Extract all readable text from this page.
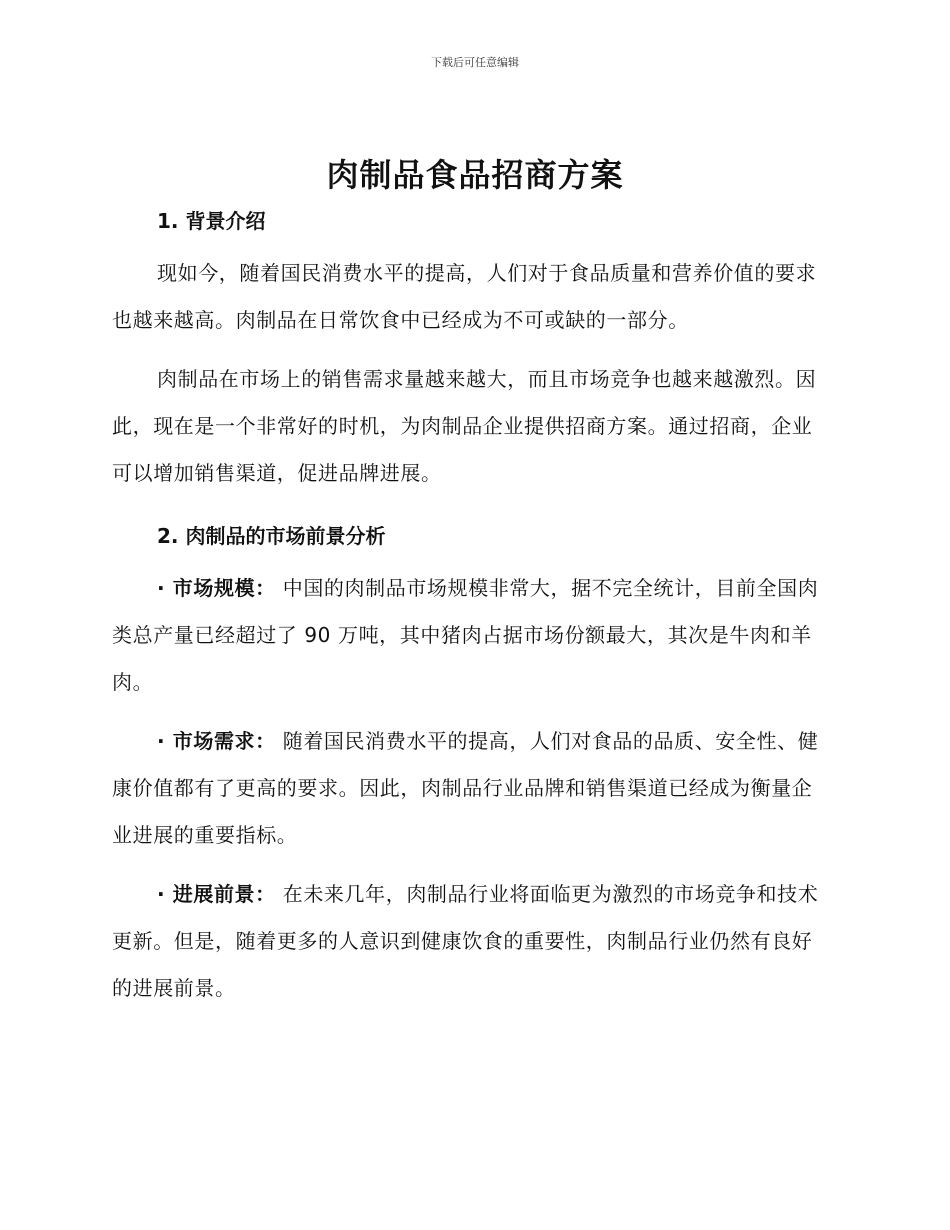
下载后可任意编辑
肉制品食品招商方案
1. 背景介绍

现如今，随着国民消费水平的提高，人们对于食品质量和营养价值的要求也越来越高。肉制品在日常饮食中已经成为不可或缺的一部分。

肉制品在市场上的销售需求量越来越大，而且市场竞争也越来越激烈。因此，现在是一个非常好的时机，为肉制品企业提供招商方案。通过招商，企业可以增加销售渠道，促进品牌进展。

2. 肉制品的市场前景分析

· 市场规模： 中国的肉制品市场规模非常大，据不完全统计，目前全国肉类总产量已经超过了 90 万吨，其中猪肉占据市场份额最大，其次是牛肉和羊肉。

· 市场需求： 随着国民消费水平的提高，人们对食品的品质、安全性、健康价值都有了更高的要求。因此，肉制品行业品牌和销售渠道已经成为衡量企业进展的重要指标。

· 进展前景： 在未来几年，肉制品行业将面临更为激烈的市场竞争和技术更新。但是，随着更多的人意识到健康饮食的重要性，肉制品行业仍然有良好的进展前景。
